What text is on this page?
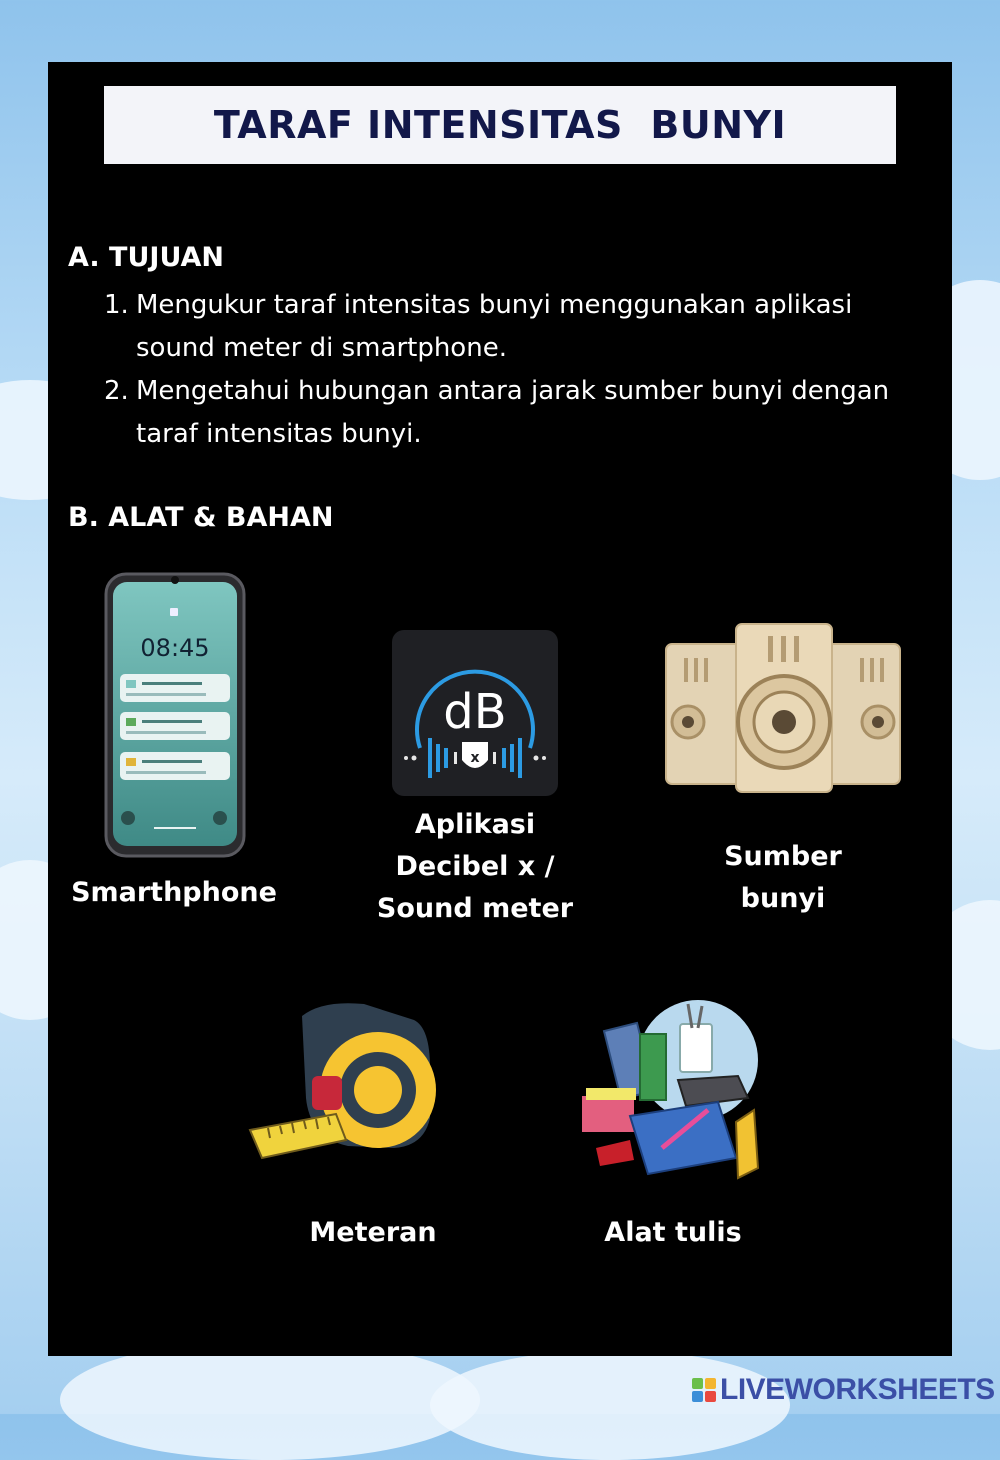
TARAF INTENSITAS  BUNYI
A. TUJUAN
1. Mengukur taraf intensitas bunyi menggunakan aplikasi sound meter di smartphone.
2. Mengetahui hubungan antara jarak sumber bunyi dengan taraf intensitas bunyi.
B. ALAT & BAHAN
08:45
Smarthphone
dB
x
Aplikasi
Decibel x /
Sound meter
Sumber
bunyi
Meteran	Alat tulis
LIVEWORKSHEETS
